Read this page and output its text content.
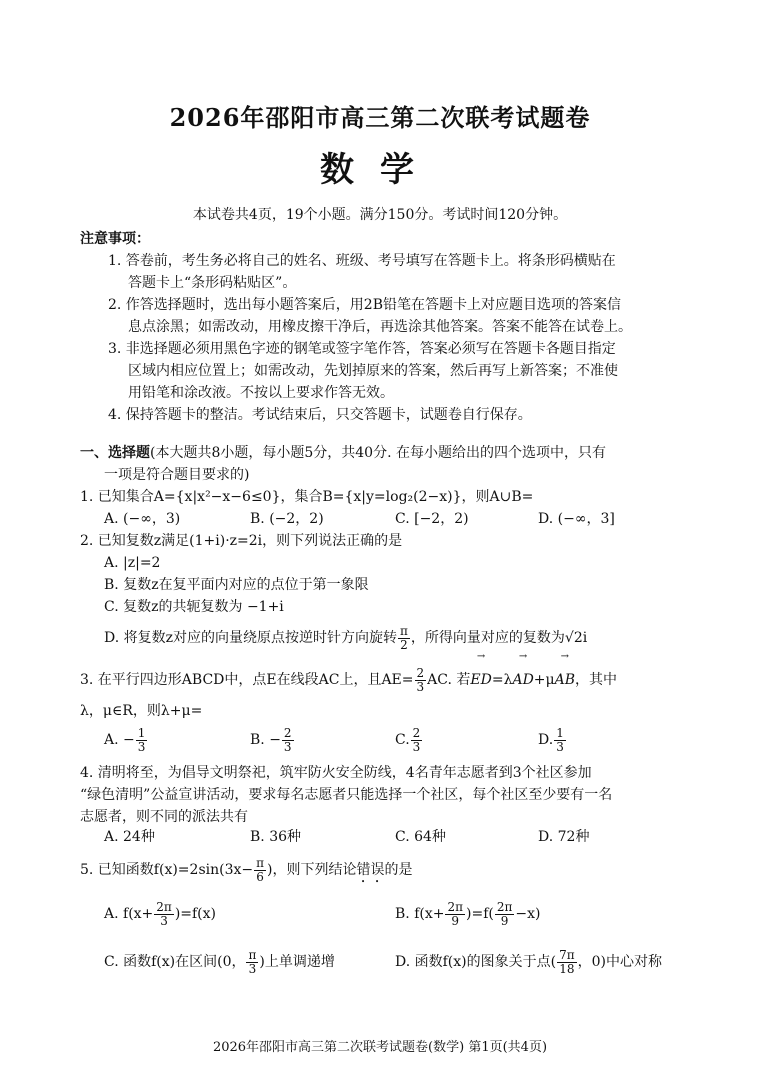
2026年邵阳市高三第二次联考试题卷
数学
本试卷共4页，19个小题。满分150分。考试时间120分钟。
注意事项：
1. 答卷前，考生务必将自己的姓名、班级、考号填写在答题卡上。将条形码横贴在
答题卡上“条形码粘贴区”。
2. 作答选择题时，选出每小题答案后，用2B铅笔在答题卡上对应题目选项的答案信
息点涂黑；如需改动，用橡皮擦干净后，再选涂其他答案。答案不能答在试卷上。
3. 非选择题必须用黑色字迹的钢笔或签字笔作答，答案必须写在答题卡各题目指定
区域内相应位置上；如需改动，先划掉原来的答案，然后再写上新答案；不准使
用铅笔和涂改液。不按以上要求作答无效。
4. 保持答题卡的整洁。考试结束后，只交答题卡，试题卷自行保存。
一、选择题(本大题共8小题，每小题5分，共40分. 在每小题给出的四个选项中，只有
一项是符合题目要求的)
1. 已知集合A={x|x²−x−6≤0}，集合B={x|y=log₂(2−x)}，则A∪B=
A. (−∞，3)	B. (−2，2)	C. [−2，2)	D. (−∞，3]
2. 已知复数z满足(1+i)·z=2i，则下列说法正确的是
A. |z|=2
B. 复数z在复平面内对应的点位于第一象限
C. 复数z的共轭复数为 −1+i
D. 将复数z对应的向量绕原点按逆时针方向旋转 $\frac{\pi}{2}$ ，所得向量对应的复数为√2i
3. 在平行四边形ABCD中，点E在线段AC上，且$AE= \frac{2}{3}$ AC. 若→ ED=λ→ AD+μ→ AB，其中
λ，μ∈R，则λ+μ=
A. − $\frac{1}{3}$	B. − $\frac{2}{3}$	C. $\frac{2}{3}$	D. $\frac{1}{3}$
4. 清明将至，为倡导文明祭祀，筑牢防火安全防线，4名青年志愿者到3个社区参加
“绿色清明”公益宣讲活动，要求每名志愿者只能选择一个社区，每个社区至少要有一名
志愿者，则不同的派法共有
A. 24种	B. 36种	C. 64种	D. 72种
5. 已知函数$f(x)=2\sin(3x- \frac{\pi}{6}$ )，则下列结论错误的是
A. $f(x+ \frac{2\pi}{3} )=f(x)$	B. $f(x+ \frac{2\pi}{9} )=f( \frac{2\pi}{9} -x)$
C. 函数f(x)在区间(0， $\frac{\pi}{3}$ )上单调递增	D. 函数f(x)的图象关于点( $\frac{7\pi}{18}$ ，0)中心对称
2026年邵阳市高三第二次联考试题卷(数学) 第1页(共4页)
